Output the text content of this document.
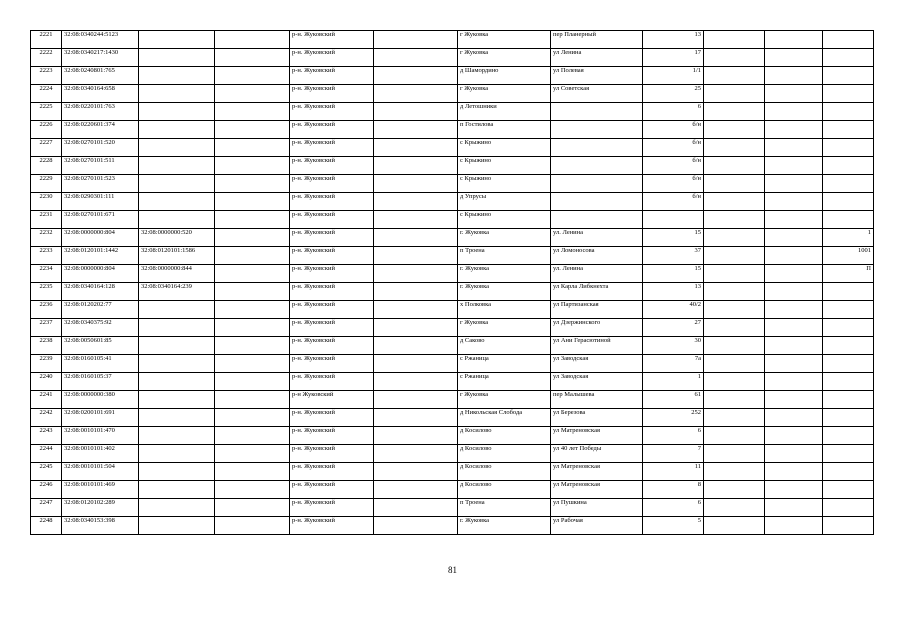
2221	32:08:0340244:5123			р-н. Жуковский		г Жуковка	пер Планерный	13			
2222	32:08:0340217:1430			р-н. Жуковский		г Жуковка	ул Ленина	17			
2223	32:08:0240801:765			р-н. Жуковский		д Шамордино	ул Полевая	1/1			
2224	32:08:0340164:658			р-н. Жуковский		г Жуковка	ул Советская	25			
2225	32:08:0220101:763			р-н. Жуковский		д Летошники		6			
2226	32:08:0220601:374			р-н. Жуковский		п Гостилова		б/н			
2227	32:08:0270101:520			р-н. Жуковский		с Крыжино		б/н			
2228	32:08:0270101:511			р-н. Жуковский		с Крыжино		б/н			
2229	32:08:0270101:523			р-н. Жуковский		с Крыжино		б/н			
2230	32:08:0290301:111			р-н. Жуковский		д Упрусы		б/н			
2231	32:08:0270101:671			р-н. Жуковский		с Крыжино					
2232	32:08:0000000:804	32:08:0000000:520		р-н. Жуковский		г. Жуковка	ул. Ленина	15			1
2233	32:08:0120101:1442	32:08:0120101:1586		р-н. Жуковский		п Троена	ул Ломоносова	37			1001
2234	32:08:0000000:804	32:08:0000000:844		р-н. Жуковский		г. Жуковка	ул. Ленина	15			П
2235	32:08:0340164:128	32:08:0340164:239		р-н. Жуковский		г. Жуковка	ул Карла Либкнехта	13			
2236	32:08:0120202:77			р-н. Жуковский		х Полковка	ул Партизанская	40/2			
2237	32:08:0340375:92			р-н. Жуковский		г Жуковка	ул Дзержинского	27			
2238	32:08:0050601:85			р-н. Жуковский		д Саково	ул Ани Герасютиной	30			
2239	32:08:0160105:41			р-н. Жуковский		с Ржаница	ул Заводская	7а			
2240	32:08:0160105:37			р-н. Жуковский		с Ржаница	ул Заводская	1			
2241	32:08:0000000:380			р-н Жуковский		г Жуковка	пер Малышева	61			
2242	32:08:0200101:691			р-н. Жуковский		д Никольская Слобода	ул Березова	252			
2243	32:08:0010101:470			р-н. Жуковский		д Косилово	ул Матреновская	6			
2244	32:08:0010101:402			р-н. Жуковский		д Косилово	ул 40 лет Победы	7			
2245	32:08:0010101:504			р-н. Жуковский		д Косилово	ул Матреновская	11			
2246	32:08:0010101:469			р-н. Жуковский		д Косилово	ул Матреновская	8			
2247	32:08:0120102:289			р-н. Жуковский		п Троена	ул Пушкина	6			
2248	32:08:0340153:398			р-н. Жуковский		г. Жуковка	ул Рабочая	5			
81
